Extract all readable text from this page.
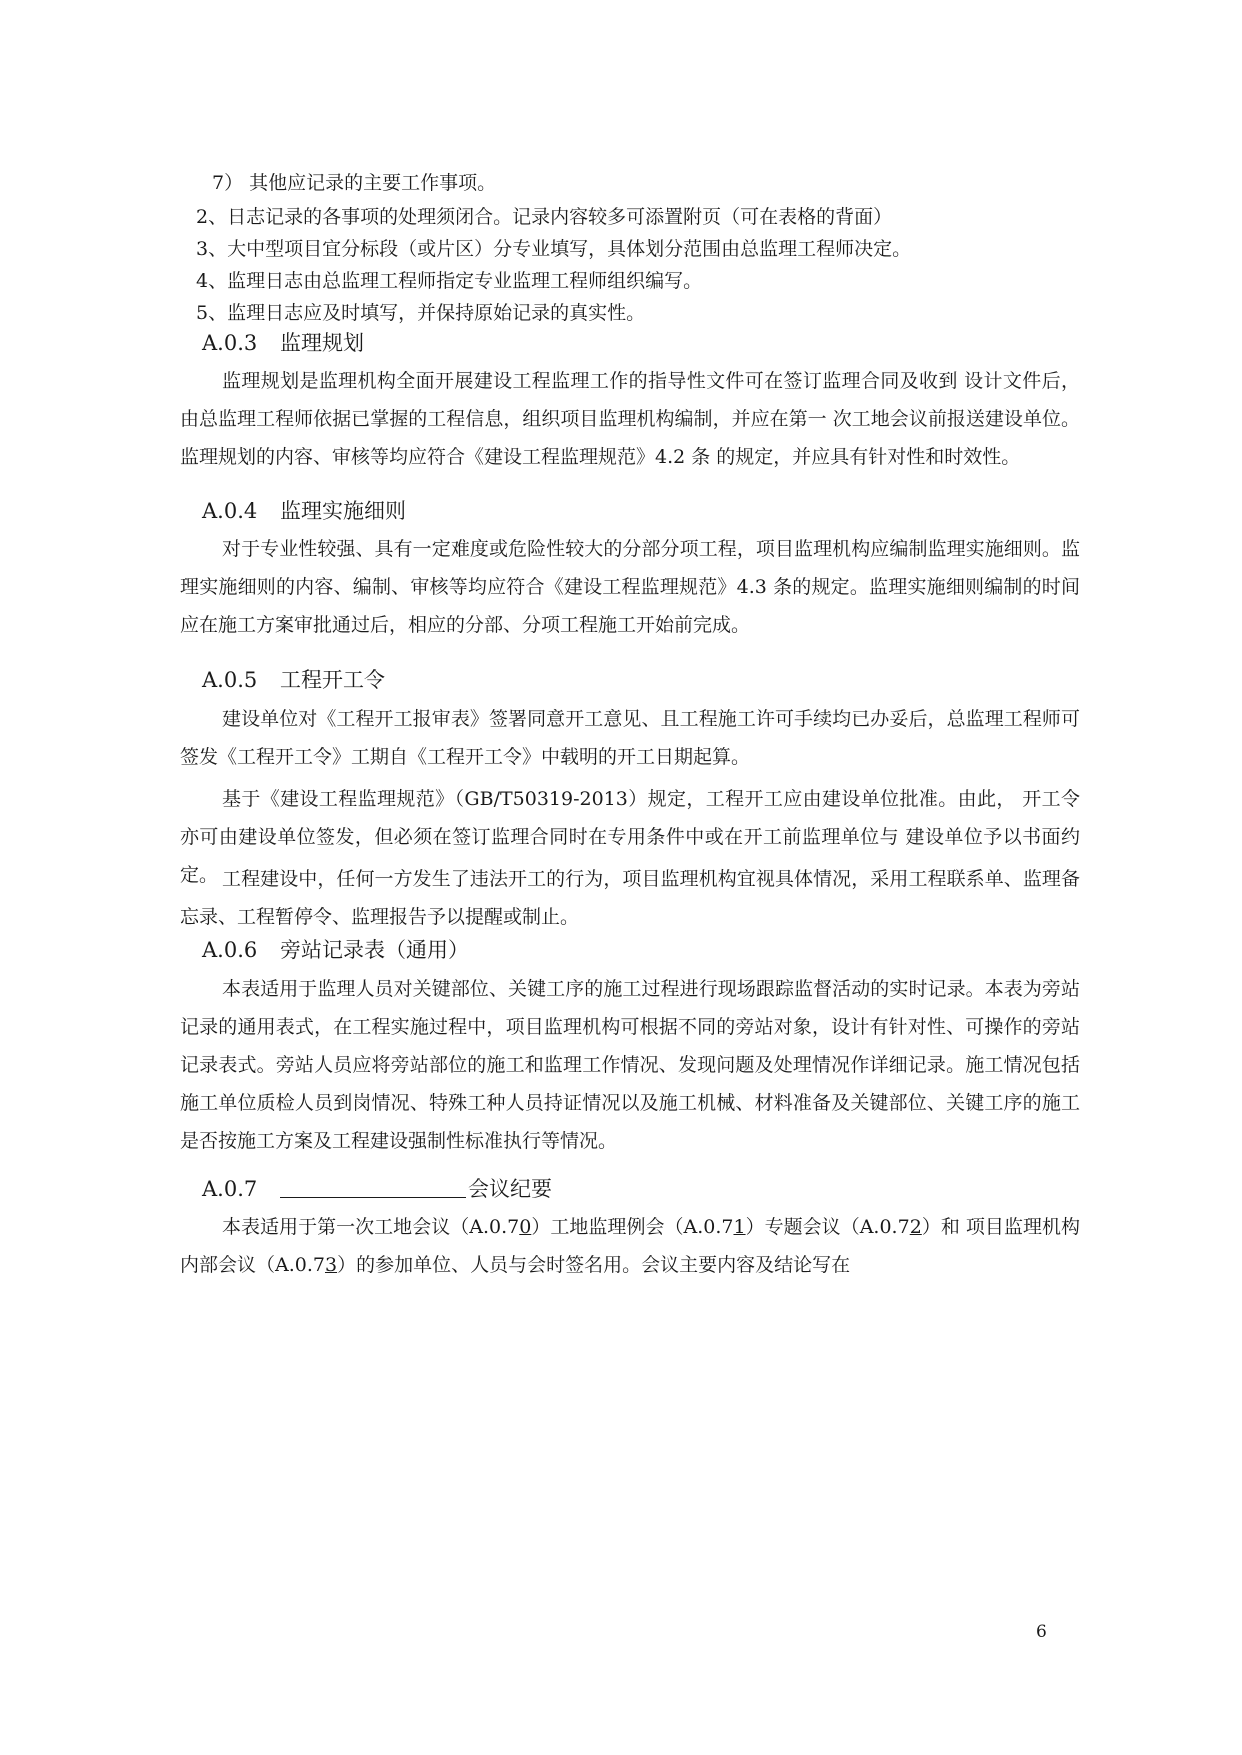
7） 其他应记录的主要工作事项。
2、日志记录的各事项的处理须闭合。记录内容较多可添置附页（可在表格的背面）
3、大中型项目宜分标段（或片区）分专业填写，具体划分范围由总监理工程师决定。
4、监理日志由总监理工程师指定专业监理工程师组织编写。
5、监理日志应及时填写，并保持原始记录的真实性。
A.0.3 监理规划
监理规划是监理机构全面开展建设工程监理工作的指导性文件可在签订监理合同及收到 设计文件后，由总监理工程师依据已掌握的工程信息，组织项目监理机构编制，并应在第一 次工地会议前报送建设单位。监理规划的内容、审核等均应符合《建设工程监理规范》4.2 条 的规定，并应具有针对性和时效性。
A.0.4 监理实施细则
对于专业性较强、具有一定难度或危险性较大的分部分项工程，项目监理机构应编制监理实施细则。监理实施细则的内容、编制、审核等均应符合《建设工程监理规范》4.3 条的规定。监理实施细则编制的时间应在施工方案审批通过后，相应的分部、分项工程施工开始前完成。
A.0.5 工程开工令
建设单位对《工程开工报审表》签署同意开工意见、且工程施工许可手续均已办妥后，总监理工程师可签发《工程开工令》工期自《工程开工令》中载明的开工日期起算。
基于《建设工程监理规范》（GB/T50319-2013）规定，工程开工应由建设单位批准。由此， 开工令亦可由建设单位签发，但必须在签订监理合同时在专用条件中或在开工前监理单位与 建设单位予以书面约定。 工程建设中，任何一方发生了违法开工的行为，项目监理机构宜视具体情况，采用工程联系单、监理备忘录、工程暂停令、监理报告予以提醒或制止。
A.0.6 旁站记录表（通用）
本表适用于监理人员对关键部位、关键工序的施工过程进行现场跟踪监督活动的实时记录。本表为旁站记录的通用表式，在工程实施过程中，项目监理机构可根据不同的旁站对象，设计有针对性、可操作的旁站记录表式。旁站人员应将旁站部位的施工和监理工作情况、发现问题及处理情况作详细记录。施工情况包括施工单位质检人员到岗情况、特殊工种人员持证情况以及施工机械、材料准备及关键部位、关键工序的施工是否按施工方案及工程建设强制性标准执行等情况。
A.0.7	会议纪要
本表适用于第一次工地会议（A.0.70）工地监理例会（A.0.71）专题会议（A.0.72）和 项目监理机构内部会议（A.0.73）的参加单位、人员与会时签名用。会议主要内容及结论写在
6
